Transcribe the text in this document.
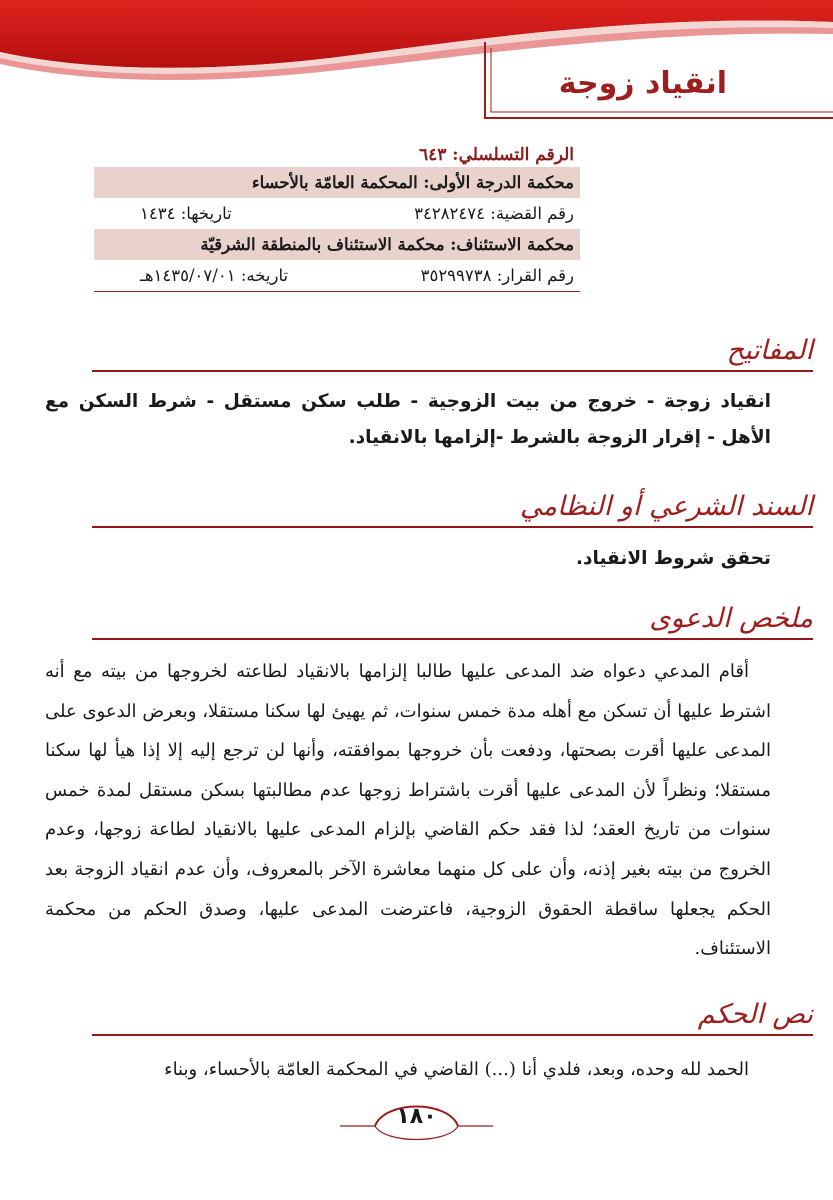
انقياد زوجة
الرقم التسلسلي: ٦٤٣
محكمة الدرجة الأولى: المحكمة العامّة بالأحساء
رقم القضية: ٣٤٢٨٢٤٧٤
تاريخها: ١٤٣٤
محكمة الاستئناف: محكمة الاستئناف بالمنطقة الشرقيّة
رقم القرار: ٣٥٢٩٩٧٣٨
تاريخه: ١٤٣٥/٠٧/٠١هـ
المفاتيح
انقياد زوجة - خروج من بيت الزوجية - طلب سكن مستقل - شرط السكن مع الأهل - إقرار الزوجة بالشرط -إلزامها بالانقياد.
السند الشرعي أو النظامي
تحقق شروط الانقياد.
ملخص الدعوى
أقام المدعي دعواه ضد المدعى عليها طالبا إلزامها بالانقياد لطاعته لخروجها من بيته مع أنه اشترط عليها أن تسكن مع أهله مدة خمس سنوات، ثم يهيئ لها سكنا مستقلا، وبعرض الدعوى على المدعى عليها أقرت بصحتها، ودفعت بأن خروجها بموافقته، وأنها لن ترجع إليه إلا إذا هيأ لها سكنا مستقلا؛ ونظراً لأن المدعى عليها أقرت باشتراط زوجها عدم مطالبتها بسكن مستقل لمدة خمس سنوات من تاريخ العقد؛ لذا فقد حكم القاضي بإلزام المدعى عليها بالانقياد لطاعة زوجها، وعدم الخروج من بيته بغير إذنه، وأن على كل منهما معاشرة الآخر بالمعروف، وأن عدم انقياد الزوجة بعد الحكم يجعلها ساقطة الحقوق الزوجية، فاعترضت المدعى عليها، وصدق الحكم من محكمة الاستئناف.
نص الحكم
الحمد لله وحده، وبعد، فلدي أنا (...) القاضي في المحكمة العامّة بالأحساء، وبناء
١٨٠
